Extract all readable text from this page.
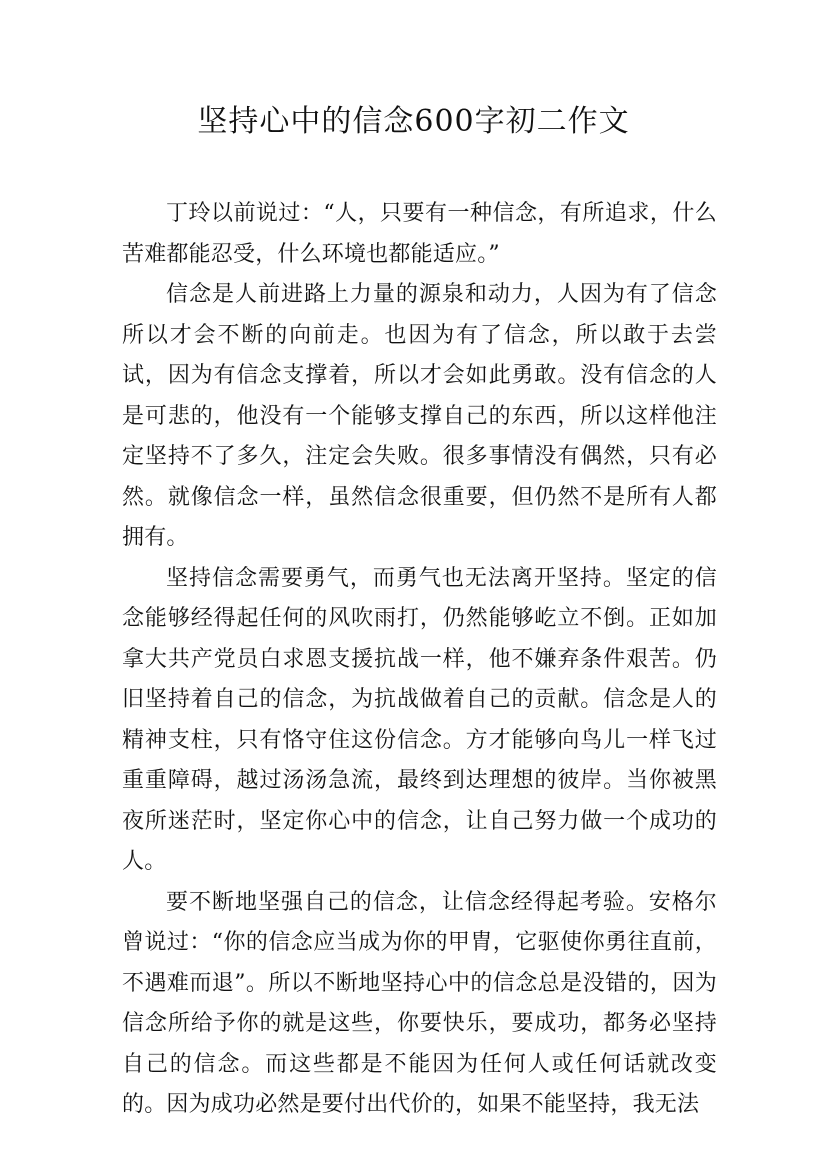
坚持心中的信念600字初二作文

丁玲以前说过：“人，只要有一种信念，有所追求，什么苦难都能忍受，什么环境也都能适应。”

信念是人前进路上力量的源泉和动力，人因为有了信念所以才会不断的向前走。也因为有了信念，所以敢于去尝试，因为有信念支撑着，所以才会如此勇敢。没有信念的人是可悲的，他没有一个能够支撑自己的东西，所以这样他注定坚持不了多久，注定会失败。很多事情没有偶然，只有必然。就像信念一样，虽然信念很重要，但仍然不是所有人都拥有。

坚持信念需要勇气，而勇气也无法离开坚持。坚定的信念能够经得起任何的风吹雨打，仍然能够屹立不倒。正如加拿大共产党员白求恩支援抗战一样，他不嫌弃条件艰苦。仍旧坚持着自己的信念，为抗战做着自己的贡献。信念是人的精神支柱，只有恪守住这份信念。方才能够向鸟儿一样飞过重重障碍，越过汤汤急流，最终到达理想的彼岸。当你被黑夜所迷茫时，坚定你心中的信念，让自己努力做一个成功的人。

要不断地坚强自己的信念，让信念经得起考验。安格尔曾说过：“你的信念应当成为你的甲胄，它驱使你勇往直前，不遇难而退”。所以不断地坚持心中的信念总是没错的，因为信念所给予你的就是这些，你要快乐，要成功，都务必坚持自己的信念。而这些都是不能因为任何人或任何话就改变的。因为成功必然是要付出代价的，如果不能坚持，我无法
